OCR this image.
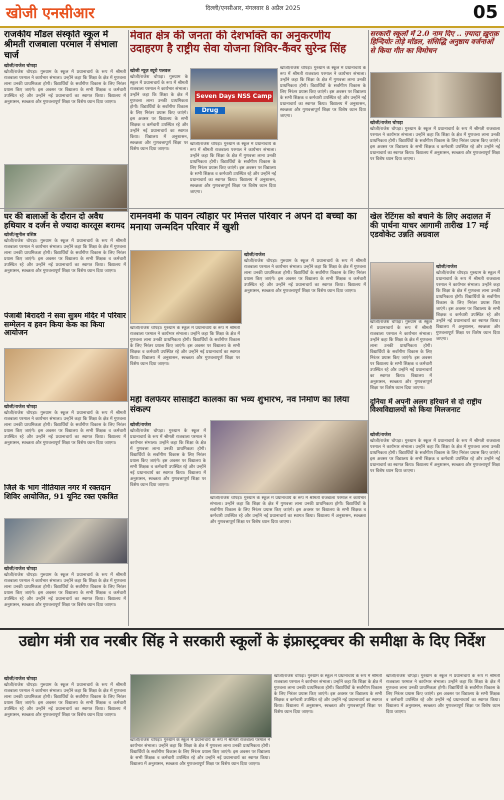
खोजी एनसीआर	दिल्ली/एनसीआर, मंगलवार 8 अप्रैल 2025	05
राजकीय मॉडल संस्कृति स्कूल में श्रीमती राजबाला परमाल ने संभाला चार्ज
खोजी/राजेश चोपड़ा
खोजी/राजेश चोपड़ा। गुरुग्राम के स्कूल में प्रधानाचार्य के रूप में श्रीमती राजबाला परमाल ने कार्यभार संभाला। उन्होंने कहा कि शिक्षा के क्षेत्र में गुणवत्ता लाना उनकी प्राथमिकता होगी। विद्यार्थियों के सर्वांगीण विकास के लिए निरंतर प्रयास किए जाएंगे। इस अवसर पर विद्यालय के सभी शिक्षक व कर्मचारी उपस्थित रहे और उन्होंने नई प्रधानाचार्य का स्वागत किया। विद्यालय में अनुशासन, स्वच्छता और गुणवत्तापूर्ण शिक्षा पर विशेष ध्यान दिया जाएगा।
मेवात क्षेत्र की जनता की देशभक्ति का अनुकरणीय उदाहरण है राष्ट्रीय सेवा योजना शिविर-कैंवर सुरेन्द्र सिंह
खोजी न्यूज़ ब्यूरो पलवल
खोजी/राजेश चोपड़ा। गुरुग्राम के स्कूल में प्रधानाचार्य के रूप में श्रीमती राजबाला परमाल ने कार्यभार संभाला। उन्होंने कहा कि शिक्षा के क्षेत्र में गुणवत्ता लाना उनकी प्राथमिकता होगी। विद्यार्थियों के सर्वांगीण विकास के लिए निरंतर प्रयास किए जाएंगे। इस अवसर पर विद्यालय के सभी शिक्षक व कर्मचारी उपस्थित रहे और उन्होंने नई प्रधानाचार्य का स्वागत किया। विद्यालय में अनुशासन, स्वच्छता और गुणवत्तापूर्ण शिक्षा पर विशेष ध्यान दिया जाएगा।
Seven Days NSS Camp
Drug
खोजी/राजेश चोपड़ा। गुरुग्राम के स्कूल में प्रधानाचार्य के रूप में श्रीमती राजबाला परमाल ने कार्यभार संभाला। उन्होंने कहा कि शिक्षा के क्षेत्र में गुणवत्ता लाना उनकी प्राथमिकता होगी। विद्यार्थियों के सर्वांगीण विकास के लिए निरंतर प्रयास किए जाएंगे। इस अवसर पर विद्यालय के सभी शिक्षक व कर्मचारी उपस्थित रहे और उन्होंने नई प्रधानाचार्य का स्वागत किया। विद्यालय में अनुशासन, स्वच्छता और गुणवत्तापूर्ण शिक्षा पर विशेष ध्यान दिया जाएगा।
खोजी/राजेश चोपड़ा। गुरुग्राम के स्कूल में प्रधानाचार्य के रूप में श्रीमती राजबाला परमाल ने कार्यभार संभाला। उन्होंने कहा कि शिक्षा के क्षेत्र में गुणवत्ता लाना उनकी प्राथमिकता होगी। विद्यार्थियों के सर्वांगीण विकास के लिए निरंतर प्रयास किए जाएंगे। इस अवसर पर विद्यालय के सभी शिक्षक व कर्मचारी उपस्थित रहे और उन्होंने नई प्रधानाचार्य का स्वागत किया। विद्यालय में अनुशासन, स्वच्छता और गुणवत्तापूर्ण शिक्षा पर विशेष ध्यान दिया जाएगा।
सरकारी स्कूलों में 2.0 नाम दिए .. ज़्यादा ख़ुराक़ हिन्दियोत्‍ तोड़े माॅडल, संसिद्धि अनुष्ठाय वर्जनाओं से किया गीत का विमोचन
खोजी/राजेश चोपड़ा
खोजी/राजेश चोपड़ा। गुरुग्राम के स्कूल में प्रधानाचार्य के रूप में श्रीमती राजबाला परमाल ने कार्यभार संभाला। उन्होंने कहा कि शिक्षा के क्षेत्र में गुणवत्ता लाना उनकी प्राथमिकता होगी। विद्यार्थियों के सर्वांगीण विकास के लिए निरंतर प्रयास किए जाएंगे। इस अवसर पर विद्यालय के सभी शिक्षक व कर्मचारी उपस्थित रहे और उन्होंने नई प्रधानाचार्य का स्वागत किया। विद्यालय में अनुशासन, स्वच्छता और गुणवत्तापूर्ण शिक्षा पर विशेष ध्यान दिया जाएगा।
घर की बालाओं के दौरान दो अवैध हथियार व दर्जन से ज्यादा कारतूस बरामद
खोजी/सुनील वशिष्ठ
खोजी/राजेश चोपड़ा। गुरुग्राम के स्कूल में प्रधानाचार्य के रूप में श्रीमती राजबाला परमाल ने कार्यभार संभाला। उन्होंने कहा कि शिक्षा के क्षेत्र में गुणवत्ता लाना उनकी प्राथमिकता होगी। विद्यार्थियों के सर्वांगीण विकास के लिए निरंतर प्रयास किए जाएंगे। इस अवसर पर विद्यालय के सभी शिक्षक व कर्मचारी उपस्थित रहे और उन्होंने नई प्रधानाचार्य का स्वागत किया। विद्यालय में अनुशासन, स्वच्छता और गुणवत्तापूर्ण शिक्षा पर विशेष ध्यान दिया जाएगा।
पंजाबी बिरादरी ने सवा सुत्रम मंदिर में परिवार सम्मेलन व हवन किया केक का किया आयोजन
खोजी/राजेश चोपड़ा
खोजी/राजेश चोपड़ा। गुरुग्राम के स्कूल में प्रधानाचार्य के रूप में श्रीमती राजबाला परमाल ने कार्यभार संभाला। उन्होंने कहा कि शिक्षा के क्षेत्र में गुणवत्ता लाना उनकी प्राथमिकता होगी। विद्यार्थियों के सर्वांगीण विकास के लिए निरंतर प्रयास किए जाएंगे। इस अवसर पर विद्यालय के सभी शिक्षक व कर्मचारी उपस्थित रहे और उन्होंने नई प्रधानाचार्य का स्वागत किया। विद्यालय में अनुशासन, स्वच्छता और गुणवत्तापूर्ण शिक्षा पर विशेष ध्यान दिया जाएगा।
जिले के भाग नीतियाल नगर में रक्तदान शिविर आयोजित, 91 यूनिट रक्त एकत्रित
खोजी/राजेश चोपड़ा
खोजी/राजेश चोपड़ा। गुरुग्राम के स्कूल में प्रधानाचार्य के रूप में श्रीमती राजबाला परमाल ने कार्यभार संभाला। उन्होंने कहा कि शिक्षा के क्षेत्र में गुणवत्ता लाना उनकी प्राथमिकता होगी। विद्यार्थियों के सर्वांगीण विकास के लिए निरंतर प्रयास किए जाएंगे। इस अवसर पर विद्यालय के सभी शिक्षक व कर्मचारी उपस्थित रहे और उन्होंने नई प्रधानाचार्य का स्वागत किया। विद्यालय में अनुशासन, स्वच्छता और गुणवत्तापूर्ण शिक्षा पर विशेष ध्यान दिया जाएगा।
रामनवमी के पावन त्यौहार पर मित्तल परिवार ने अपने दो बच्चों का मनाया जन्मदिन परिवार में खुशी
खोजी/राजेश
खोजी/राजेश चोपड़ा। गुरुग्राम के स्कूल में प्रधानाचार्य के रूप में श्रीमती राजबाला परमाल ने कार्यभार संभाला। उन्होंने कहा कि शिक्षा के क्षेत्र में गुणवत्ता लाना उनकी प्राथमिकता होगी। विद्यार्थियों के सर्वांगीण विकास के लिए निरंतर प्रयास किए जाएंगे। इस अवसर पर विद्यालय के सभी शिक्षक व कर्मचारी उपस्थित रहे और उन्होंने नई प्रधानाचार्य का स्वागत किया। विद्यालय में अनुशासन, स्वच्छता और गुणवत्तापूर्ण शिक्षा पर विशेष ध्यान दिया जाएगा।
खोजी/राजेश चोपड़ा। गुरुग्राम के स्कूल में प्रधानाचार्य के रूप में श्रीमती राजबाला परमाल ने कार्यभार संभाला। उन्होंने कहा कि शिक्षा के क्षेत्र में गुणवत्ता लाना उनकी प्राथमिकता होगी। विद्यार्थियों के सर्वांगीण विकास के लिए निरंतर प्रयास किए जाएंगे। इस अवसर पर विद्यालय के सभी शिक्षक व कर्मचारी उपस्थित रहे और उन्होंने नई प्रधानाचार्य का स्वागत किया। विद्यालय में अनुशासन, स्वच्छता और गुणवत्तापूर्ण शिक्षा पर विशेष ध्यान दिया जाएगा।
मही वेलफेयर सोसाईटी कालका का भव्य शुभारंभ, नव निर्माण का लिया संकल्प
खोजी/राजेश
खोजी/राजेश चोपड़ा। गुरुग्राम के स्कूल में प्रधानाचार्य के रूप में श्रीमती राजबाला परमाल ने कार्यभार संभाला। उन्होंने कहा कि शिक्षा के क्षेत्र में गुणवत्ता लाना उनकी प्राथमिकता होगी। विद्यार्थियों के सर्वांगीण विकास के लिए निरंतर प्रयास किए जाएंगे। इस अवसर पर विद्यालय के सभी शिक्षक व कर्मचारी उपस्थित रहे और उन्होंने नई प्रधानाचार्य का स्वागत किया। विद्यालय में अनुशासन, स्वच्छता और गुणवत्तापूर्ण शिक्षा पर विशेष ध्यान दिया जाएगा।
खोजी/राजेश चोपड़ा। गुरुग्राम के स्कूल में प्रधानाचार्य के रूप में श्रीमती राजबाला परमाल ने कार्यभार संभाला। उन्होंने कहा कि शिक्षा के क्षेत्र में गुणवत्ता लाना उनकी प्राथमिकता होगी। विद्यार्थियों के सर्वांगीण विकास के लिए निरंतर प्रयास किए जाएंगे। इस अवसर पर विद्यालय के सभी शिक्षक व कर्मचारी उपस्थित रहे और उन्होंने नई प्रधानाचार्य का स्वागत किया। विद्यालय में अनुशासन, स्वच्छता और गुणवत्तापूर्ण शिक्षा पर विशेष ध्यान दिया जाएगा।
खेल रेटिंगस को बचाने के लिए अदालत में की पार्थना याचर आगामी तारीख 17 मई एडवोकेट उन्नति अग्रवाल
खोजी/राजेश
खोजी/राजेश चोपड़ा। गुरुग्राम के स्कूल में प्रधानाचार्य के रूप में श्रीमती राजबाला परमाल ने कार्यभार संभाला। उन्होंने कहा कि शिक्षा के क्षेत्र में गुणवत्ता लाना उनकी प्राथमिकता होगी। विद्यार्थियों के सर्वांगीण विकास के लिए निरंतर प्रयास किए जाएंगे। इस अवसर पर विद्यालय के सभी शिक्षक व कर्मचारी उपस्थित रहे और उन्होंने नई प्रधानाचार्य का स्वागत किया। विद्यालय में अनुशासन, स्वच्छता और गुणवत्तापूर्ण शिक्षा पर विशेष ध्यान दिया जाएगा।
खोजी/राजेश चोपड़ा। गुरुग्राम के स्कूल में प्रधानाचार्य के रूप में श्रीमती राजबाला परमाल ने कार्यभार संभाला। उन्होंने कहा कि शिक्षा के क्षेत्र में गुणवत्ता लाना उनकी प्राथमिकता होगी। विद्यार्थियों के सर्वांगीण विकास के लिए निरंतर प्रयास किए जाएंगे। इस अवसर पर विद्यालय के सभी शिक्षक व कर्मचारी उपस्थित रहे और उन्होंने नई प्रधानाचार्य का स्वागत किया। विद्यालय में अनुशासन, स्वच्छता और गुणवत्तापूर्ण शिक्षा पर विशेष ध्यान दिया जाएगा।
दुनिया में अपनी अलग हरियाने से दो राष्ट्रीय विश्वविद्यालयों को किया मिलजनाट
खोजी/राजेश
खोजी/राजेश चोपड़ा। गुरुग्राम के स्कूल में प्रधानाचार्य के रूप में श्रीमती राजबाला परमाल ने कार्यभार संभाला। उन्होंने कहा कि शिक्षा के क्षेत्र में गुणवत्ता लाना उनकी प्राथमिकता होगी। विद्यार्थियों के सर्वांगीण विकास के लिए निरंतर प्रयास किए जाएंगे। इस अवसर पर विद्यालय के सभी शिक्षक व कर्मचारी उपस्थित रहे और उन्होंने नई प्रधानाचार्य का स्वागत किया। विद्यालय में अनुशासन, स्वच्छता और गुणवत्तापूर्ण शिक्षा पर विशेष ध्यान दिया जाएगा।
उद्योग मंत्री राव नरबीर सिंह ने सरकारी स्कूलों के इंफ्रास्ट्रक्चर की समीक्षा के दिए निर्देश
खोजी/राजेश चोपड़ा। गुरुग्राम के स्कूल में प्रधानाचार्य के रूप में श्रीमती राजबाला परमाल ने कार्यभार संभाला। उन्होंने कहा कि शिक्षा के क्षेत्र में गुणवत्ता लाना उनकी प्राथमिकता होगी। विद्यार्थियों के सर्वांगीण विकास के लिए निरंतर प्रयास किए जाएंगे। इस अवसर पर विद्यालय के सभी शिक्षक व कर्मचारी उपस्थित रहे और उन्होंने नई प्रधानाचार्य का स्वागत किया। विद्यालय में अनुशासन, स्वच्छता और गुणवत्तापूर्ण शिक्षा पर विशेष ध्यान दिया जाएगा।
खोजी/राजेश चोपड़ा
खोजी/राजेश चोपड़ा। गुरुग्राम के स्कूल में प्रधानाचार्य के रूप में श्रीमती राजबाला परमाल ने कार्यभार संभाला। उन्होंने कहा कि शिक्षा के क्षेत्र में गुणवत्ता लाना उनकी प्राथमिकता होगी। विद्यार्थियों के सर्वांगीण विकास के लिए निरंतर प्रयास किए जाएंगे। इस अवसर पर विद्यालय के सभी शिक्षक व कर्मचारी उपस्थित रहे और उन्होंने नई प्रधानाचार्य का स्वागत किया। विद्यालय में अनुशासन, स्वच्छता और गुणवत्तापूर्ण शिक्षा पर विशेष ध्यान दिया जाएगा।
खोजी/राजेश चोपड़ा। गुरुग्राम के स्कूल में प्रधानाचार्य के रूप में श्रीमती राजबाला परमाल ने कार्यभार संभाला। उन्होंने कहा कि शिक्षा के क्षेत्र में गुणवत्ता लाना उनकी प्राथमिकता होगी। विद्यार्थियों के सर्वांगीण विकास के लिए निरंतर प्रयास किए जाएंगे। इस अवसर पर विद्यालय के सभी शिक्षक व कर्मचारी उपस्थित रहे और उन्होंने नई प्रधानाचार्य का स्वागत किया। विद्यालय में अनुशासन, स्वच्छता और गुणवत्तापूर्ण शिक्षा पर विशेष ध्यान दिया जाएगा।
खोजी/राजेश चोपड़ा। गुरुग्राम के स्कूल में प्रधानाचार्य के रूप में श्रीमती राजबाला परमाल ने कार्यभार संभाला। उन्होंने कहा कि शिक्षा के क्षेत्र में गुणवत्ता लाना उनकी प्राथमिकता होगी। विद्यार्थियों के सर्वांगीण विकास के लिए निरंतर प्रयास किए जाएंगे। इस अवसर पर विद्यालय के सभी शिक्षक व कर्मचारी उपस्थित रहे और उन्होंने नई प्रधानाचार्य का स्वागत किया। विद्यालय में अनुशासन, स्वच्छता और गुणवत्तापूर्ण शिक्षा पर विशेष ध्यान दिया जाएगा।
